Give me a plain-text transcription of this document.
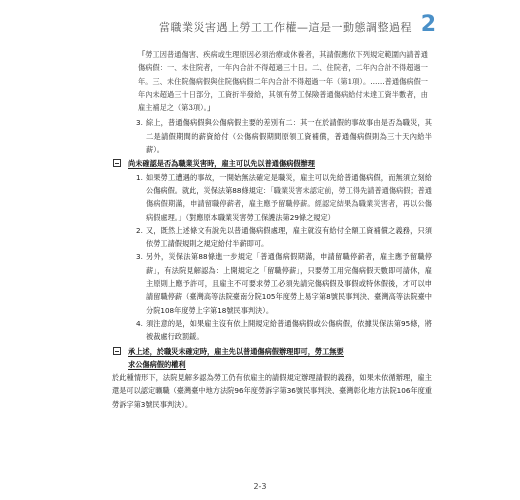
當職業災害遇上勞工工作權—這是一動態調整過程 2

「勞工因普通傷害、疾病或生理原因必須治療或休養者，其請假應依下列規定範圍內請普通傷病假：一、未住院者，一年內合計不得超過三十日。二、住院者，二年內合計不得超過一年。三、未住院傷病假與住院傷病假二年內合計不得超過一年（第1項）。……普通傷病假一年內未超過三十日部分，工資折半發給，其領有勞工保險普通傷病給付未達工資半數者，由雇主補足之（第3項）。」

3. 綜上，普通傷病假與公傷病假主要的差別有二：其一在於請假的事故事由是否為職災，其二是請假期間的薪資給付（公傷病假期間原領工資補償，普通傷病假則為三十天內給半薪）。

尚未確認是否為職業災害時，雇主可以先以普通傷病假辦理

1. 如果勞工遭遇的事故，一開始無法確定是職災，雇主可以先給普通傷病假，而無須立刻給公傷病假。就此，災保法第88條規定：「職業災害未認定前，勞工得先請普通傷病假；普通傷病假期滿，申請留職停薪者，雇主應予留職停薪。經認定結果為職業災害者，再以公傷病假處理。」（對應原本職業災害勞工保護法第29條之規定）

2. 又，既然上述條文有說先以普通傷病假處理，雇主就沒有給付全額工資補償之義務，只須依勞工請假規則之規定給付半薪即可。

3. 另外，災保法第88條進一步規定「普通傷病假期滿，申請留職停薪者，雇主應予留職停薪」，有法院見解認為：上開規定之「留職停薪」，只要勞工用完傷病假天數即可請休，雇主原則上應予許可，且雇主不可要求勞工必須先請完傷病假及事假或特休假後，才可以申請留職停薪（臺灣高等法院臺南分院105年度勞上易字第8號民事判決、臺灣高等法院臺中分院108年度勞上字第18號民事判決）。

4. 須注意的是，如果雇主沒有依上開規定給普通傷病假或公傷病假，依據災保法第95條，將被裁處行政罰鍰。

承上述，於職災未確定時，雇主先以普通傷病假辦理即可，勞工無要
求公傷病假的權利

於此種情形下，法院見解多認為勞工仍有依雇主的請假規定辦理請假的義務，如果未依循辦理，雇主還是可以認定曠職（臺灣臺中地方法院96年度勞訴字第36號民事判決、臺灣彰化地方法院106年度重勞訴字第3號民事判決）。

2-3
